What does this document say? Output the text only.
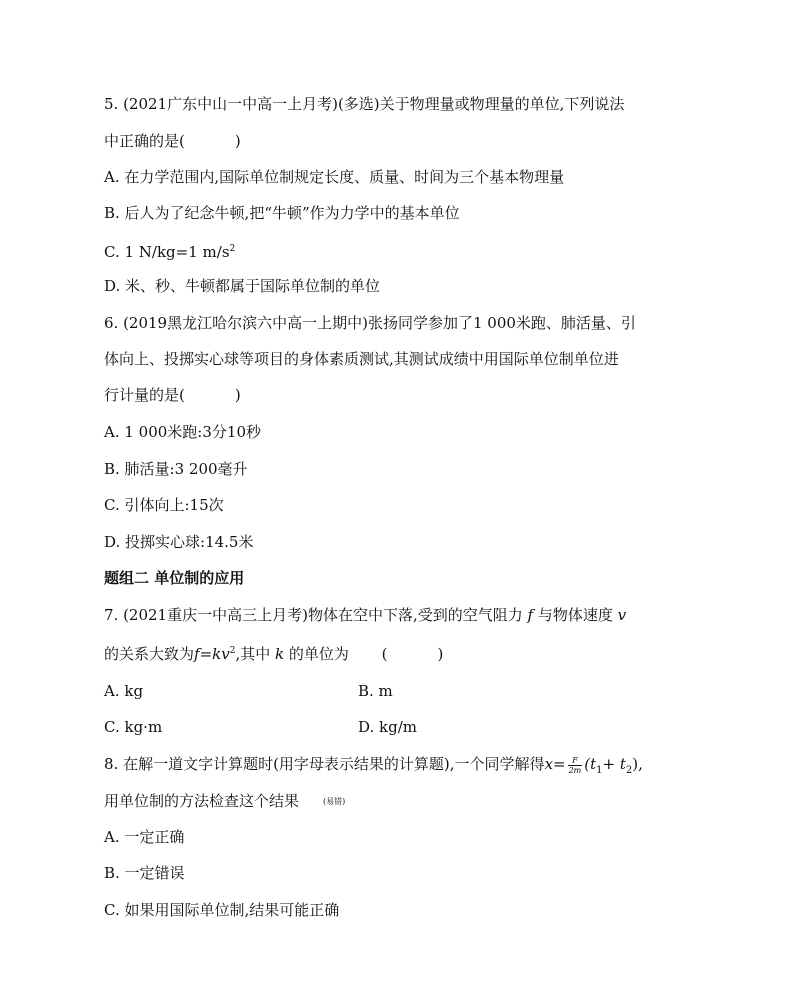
5. (2021广东中山一中高一上月考)(多选)关于物理量或物理量的单位,下列说法
中正确的是(	)
A. 在力学范围内,国际单位制规定长度、质量、时间为三个基本物理量
B. 后人为了纪念牛顿,把“牛顿”作为力学中的基本单位
C. 1 N/kg=1 $m/s^2$
D. 米、秒、牛顿都属于国际单位制的单位
6. (2019黑龙江哈尔滨六中高一上期中)张扬同学参加了1 000米跑、肺活量、引
体向上、投掷实心球等项目的身体素质测试,其测试成绩中用国际单位制单位进
行计量的是(	)
A. 1 000米跑:3分10秒
B. 肺活量:3 200毫升
C. 引体向上:15次
D. 投掷实心球:14.5米
题组二 单位制的应用
7. (2021重庆一中高三上月考)物体在空中下落,受到的空气阻力 f 与物体速度 v
的关系大致为$f=kv^2$,其中 k 的单位为 (	)
A. kg	B. m
C. kg·m	D. kg/m
8. 在解一道文字计算题时(用字母表示结果的计算题),一个同学解得$x= \frac{F}{2m} (t_1+ t_2)$,
用单位制的方法检查这个结果	(易错)
A. 一定正确
B. 一定错误
C. 如果用国际单位制,结果可能正确
